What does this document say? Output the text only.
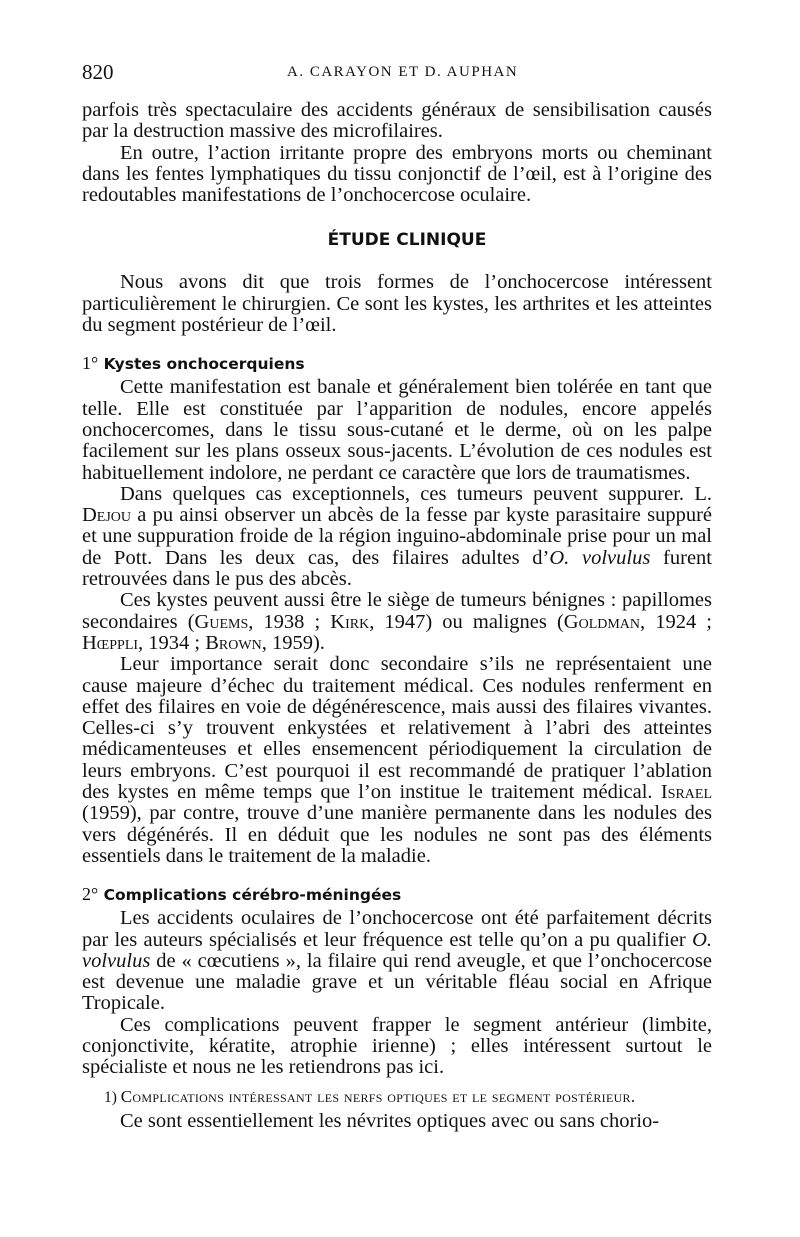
820	A. CARAYON ET D. AUPHAN

parfois très spectaculaire des accidents généraux de sensibilisation causés par la destruction massive des microfilaires.

En outre, l’action irritante propre des embryons morts ou cheminant dans les fentes lymphatiques du tissu conjonctif de l’œil, est à l’origine des redoutables manifestations de l’onchocercose oculaire.

ÉTUDE CLINIQUE

Nous avons dit que trois formes de l’onchocercose intéressent particulièrement le chirurgien. Ce sont les kystes, les arthrites et les atteintes du segment postérieur de l’œil.

1° Kystes onchocerquiens

Cette manifestation est banale et généralement bien tolérée en tant que telle. Elle est constituée par l’apparition de nodules, encore appelés onchocercomes, dans le tissu sous-cutané et le derme, où on les palpe facilement sur les plans osseux sous-jacents. L’évolution de ces nodules est habituellement indolore, ne perdant ce caractère que lors de traumatismes.

Dans quelques cas exceptionnels, ces tumeurs peuvent suppurer. L. Dejou a pu ainsi observer un abcès de la fesse par kyste parasitaire suppuré et une suppuration froide de la région inguino-abdominale prise pour un mal de Pott. Dans les deux cas, des filaires adultes d’O. volvulus furent retrouvées dans le pus des abcès.

Ces kystes peuvent aussi être le siège de tumeurs bénignes : papillomes secondaires (Guems, 1938 ; Kirk, 1947) ou malignes (Goldman, 1924 ; Hœppli, 1934 ; Brown, 1959).

Leur importance serait donc secondaire s’ils ne représentaient une cause majeure d’échec du traitement médical. Ces nodules renferment en effet des filaires en voie de dégénérescence, mais aussi des filaires vivantes. Celles-ci s’y trouvent enkystées et relativement à l’abri des atteintes médicamenteuses et elles ensemencent périodiquement la circulation de leurs embryons. C’est pourquoi il est recommandé de pratiquer l’ablation des kystes en même temps que l’on institue le traitement médical. Israel (1959), par contre, trouve d’une manière permanente dans les nodules des vers dégénérés. Il en déduit que les nodules ne sont pas des éléments essentiels dans le traitement de la maladie.

2° Complications cérébro-méningées

Les accidents oculaires de l’onchocercose ont été parfaitement décrits par les auteurs spécialisés et leur fréquence est telle qu’on a pu qualifier O. volvulus de « cœcutiens », la filaire qui rend aveugle, et que l’onchocercose est devenue une maladie grave et un véritable fléau social en Afrique Tropicale.

Ces complications peuvent frapper le segment antérieur (limbite, conjonctivite, kératite, atrophie irienne) ; elles intéressent surtout le spécialiste et nous ne les retiendrons pas ici.

1) Complications intéressant les nerfs optiques et le segment postérieur.

Ce sont essentiellement les névrites optiques avec ou sans chorio-
